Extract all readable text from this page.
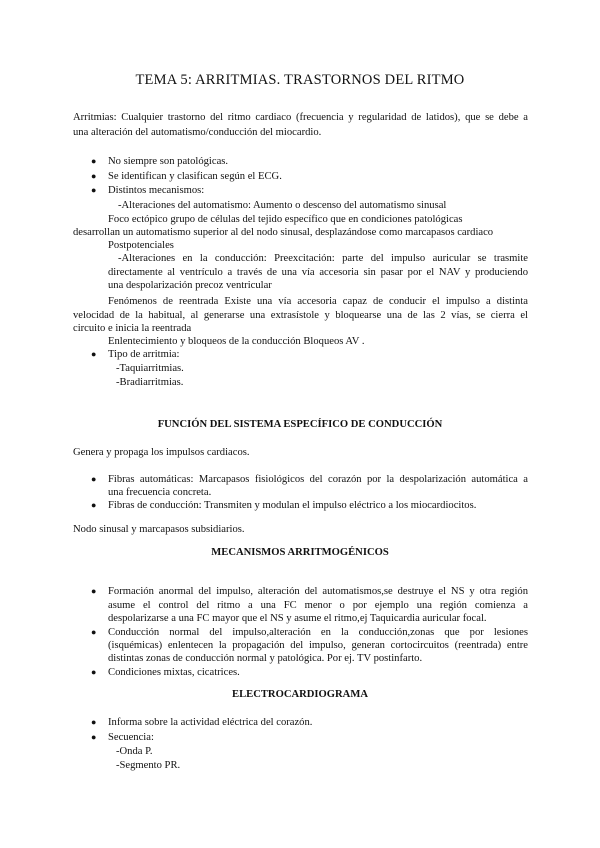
TEMA 5: ARRITMIAS. TRASTORNOS DEL RITMO
Arritmias: Cualquier trastorno del ritmo cardiaco (frecuencia y regularidad de latidos), que se debe a
una alteración del automatismo/conducción del miocardio.
● No siempre son patológicas.
● Se identifican y clasifican según el ECG.
● Distintos mecanismos:
-Alteraciones del automatismo: Aumento o descenso del automatismo sinusal
Foco ectópico grupo de células del tejido específico que en condiciones patológicas
desarrollan un automatismo superior al del nodo sinusal, desplazándose como marcapasos cardiaco
Postpotenciales
-Alteraciones en la conducción: Preexcitación: parte del impulso auricular se trasmite
directamente al ventrículo a través de una vía accesoria sin pasar por el NAV y produciendo
una despolarización precoz ventricular
Fenómenos de reentrada Existe una vía accesoria capaz de conducir el impulso a distinta
velocidad de la habitual, al generarse una extrasístole y bloquearse una de las 2 vías, se cierra el
circuito e inicia la reentrada
Enlentecimiento y bloqueos de la conducción Bloqueos AV .
● Tipo de arritmia:
-Taquiarritmias.
-Bradiarritmias.
FUNCIÓN DEL SISTEMA ESPECÍFICO DE CONDUCCIÓN
Genera y propaga los impulsos cardiacos.
● Fibras automáticas: Marcapasos fisiológicos del corazón por la despolarización automática a
una frecuencia concreta.
● Fibras de conducción: Transmiten y modulan el impulso eléctrico a los miocardiocitos.
Nodo sinusal y marcapasos subsidiarios.
MECANISMOS ARRITMOGÉNICOS
● Formación anormal del impulso, alteración del automatismos,se destruye el NS y otra región
asume el control del ritmo a una FC menor o por ejemplo una región comienza a
despolarizarse a una FC mayor que el NS y asume el ritmo,ej Taquicardia auricular focal.
● Conducción normal del impulso,alteración en la conducción,zonas que por lesiones
(isquémicas) enlentecen la propagación del impulso, generan cortocircuitos (reentrada) entre
distintas zonas de conducción normal y patológica. Por ej. TV postinfarto.
● Condiciones mixtas, cicatrices.
ELECTROCARDIOGRAMA
● Informa sobre la actividad eléctrica del corazón.
● Secuencia:
-Onda P.
-Segmento PR.
